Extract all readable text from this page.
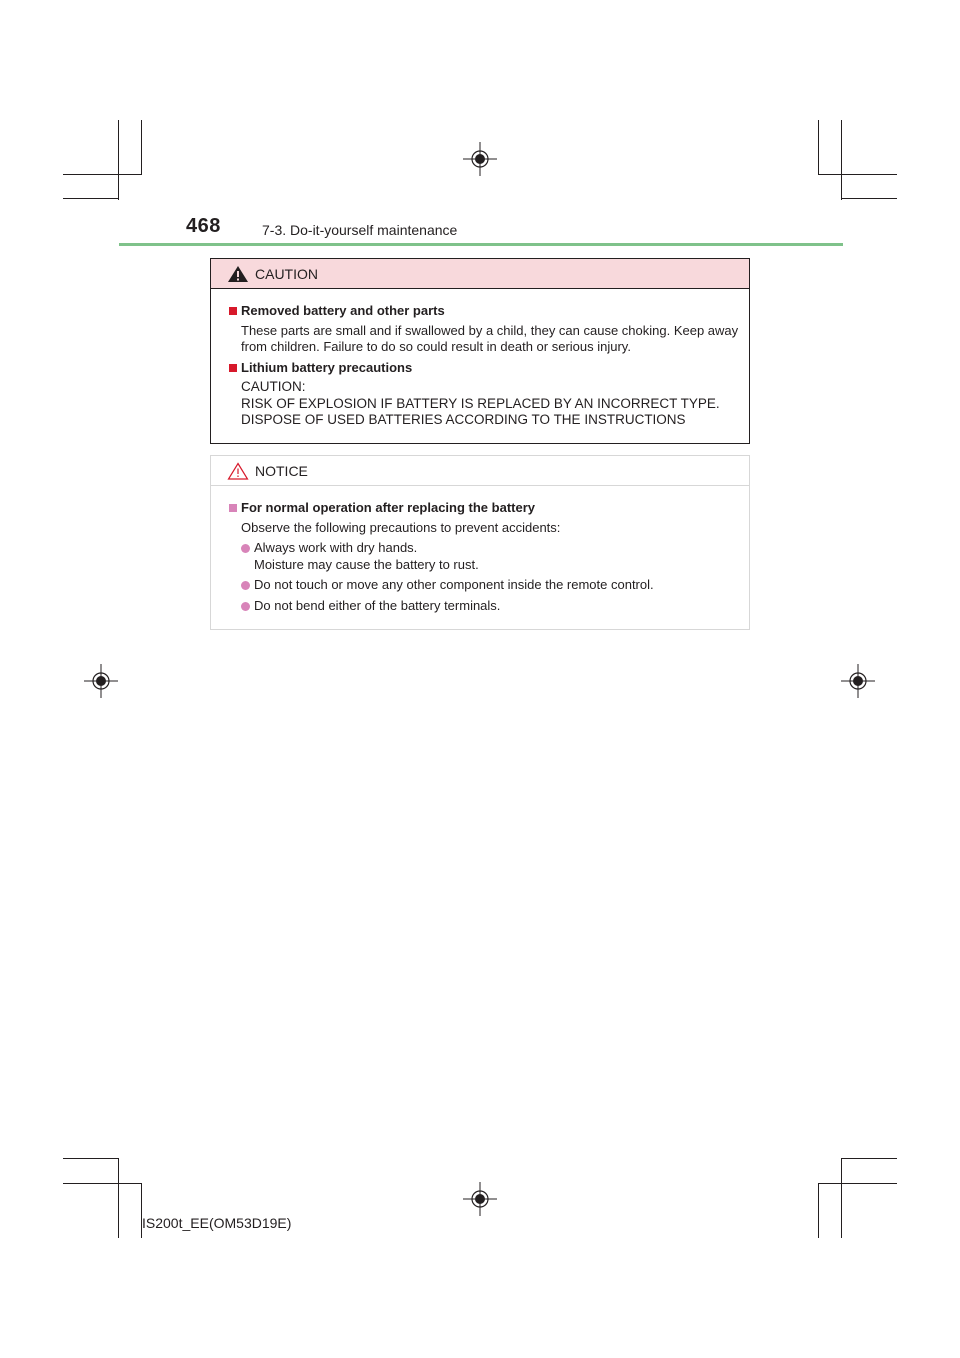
468	7-3. Do-it-yourself maintenance
CAUTION
Removed battery and other parts
These parts are small and if swallowed by a child, they can cause choking. Keep away from children. Failure to do so could result in death or serious injury.
Lithium battery precautions
CAUTION:
RISK OF EXPLOSION IF BATTERY IS REPLACED BY AN INCORRECT TYPE.
DISPOSE OF USED BATTERIES ACCORDING TO THE INSTRUCTIONS
NOTICE
For normal operation after replacing the battery
Observe the following precautions to prevent accidents:
Always work with dry hands.
Moisture may cause the battery to rust.
Do not touch or move any other component inside the remote control.
Do not bend either of the battery terminals.
IS200t_EE(OM53D19E)
